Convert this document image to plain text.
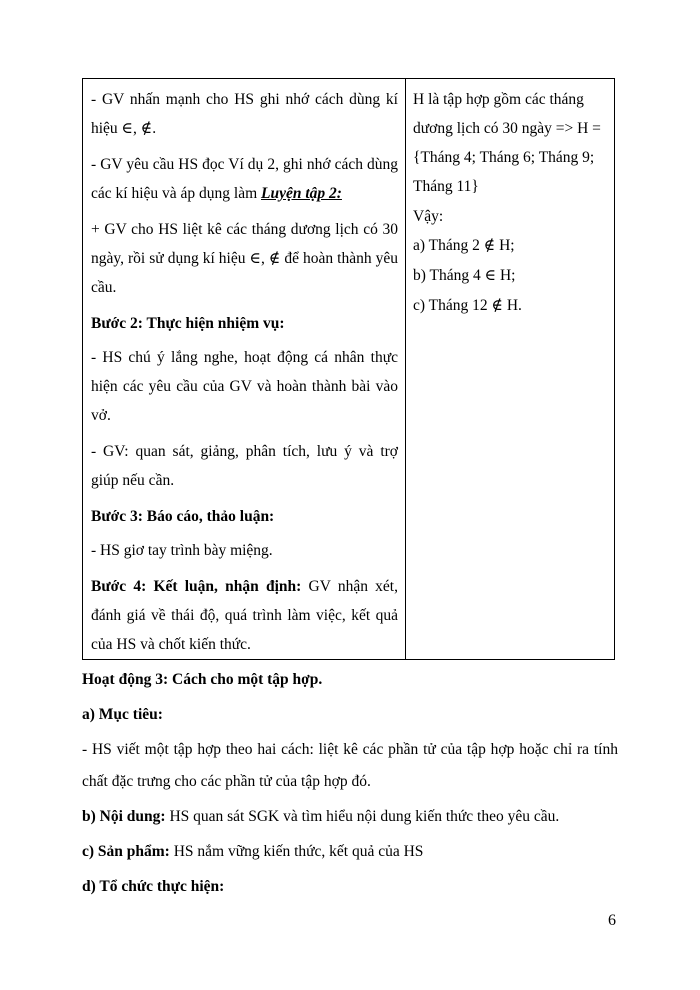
- GV nhấn mạnh cho HS ghi nhớ cách dùng kí hiệu ∈, ∉.

- GV yêu cầu HS đọc Ví dụ 2, ghi nhớ cách dùng các kí hiệu và áp dụng làm Luyện tập 2:

+ GV cho HS liệt kê các tháng dương lịch có 30 ngày, rồi sử dụng kí hiệu ∈, ∉ để hoàn thành yêu cầu.

Bước 2: Thực hiện nhiệm vụ:

- HS chú ý lắng nghe, hoạt động cá nhân thực hiện các yêu cầu của GV và hoàn thành bài vào vở.

- GV: quan sát, giảng, phân tích, lưu ý và trợ giúp nếu cần.

Bước 3: Báo cáo, thảo luận:

- HS giơ tay trình bày miệng.

Bước 4: Kết luận, nhận định: GV nhận xét, đánh giá về thái độ, quá trình làm việc, kết quả của HS và chốt kiến thức.

H là tập hợp gồm các tháng dương lịch có 30 ngày => H = {Tháng 4; Tháng 6; Tháng 9; Tháng 11}

Vậy:

a) Tháng 2 ∉ H;

b) Tháng 4 ∈ H;

c) Tháng 12 ∉ H.

Hoạt động 3: Cách cho một tập hợp.

a) Mục tiêu:

- HS viết một tập hợp theo hai cách: liệt kê các phần tử của tập hợp hoặc chỉ ra tính chất đặc trưng cho các phần tử của tập hợp đó.

b) Nội dung: HS quan sát SGK và tìm hiểu nội dung kiến thức theo yêu cầu.

c) Sản phẩm: HS nắm vững kiến thức, kết quả của HS

d) Tổ chức thực hiện:

6
